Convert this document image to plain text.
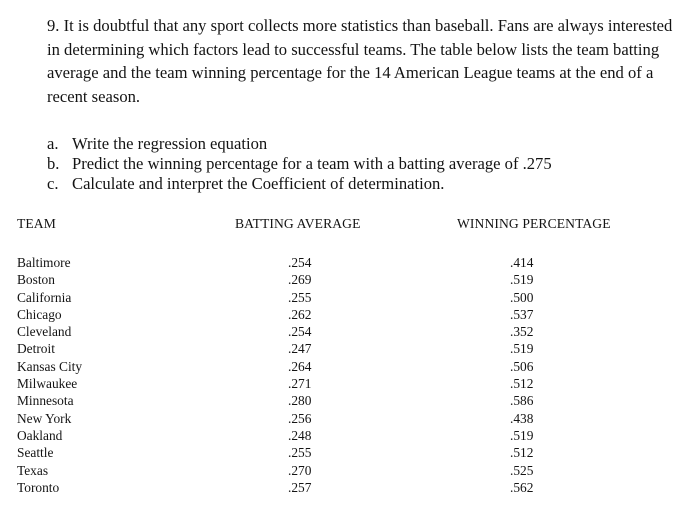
9. It is doubtful that any sport collects more statistics than baseball. Fans are always interested in determining which factors lead to successful teams. The table below lists the team batting average and the team winning percentage for the 14 American League teams at the end of a recent season.

a. Write the regression equation
b. Predict the winning percentage for a team with a batting average of .275
c. Calculate and interpret the Coefficient of determination.
TEAM	BATTING AVERAGE	WINNING PERCENTAGE
Baltimore	.254	.414
Boston	.269	.519
California	.255	.500
Chicago	.262	.537
Cleveland	.254	.352
Detroit	.247	.519
Kansas City	.264	.506
Milwaukee	.271	.512
Minnesota	.280	.586
New York	.256	.438
Oakland	.248	.519
Seattle	.255	.512
Texas	.270	.525
Toronto	.257	.562
